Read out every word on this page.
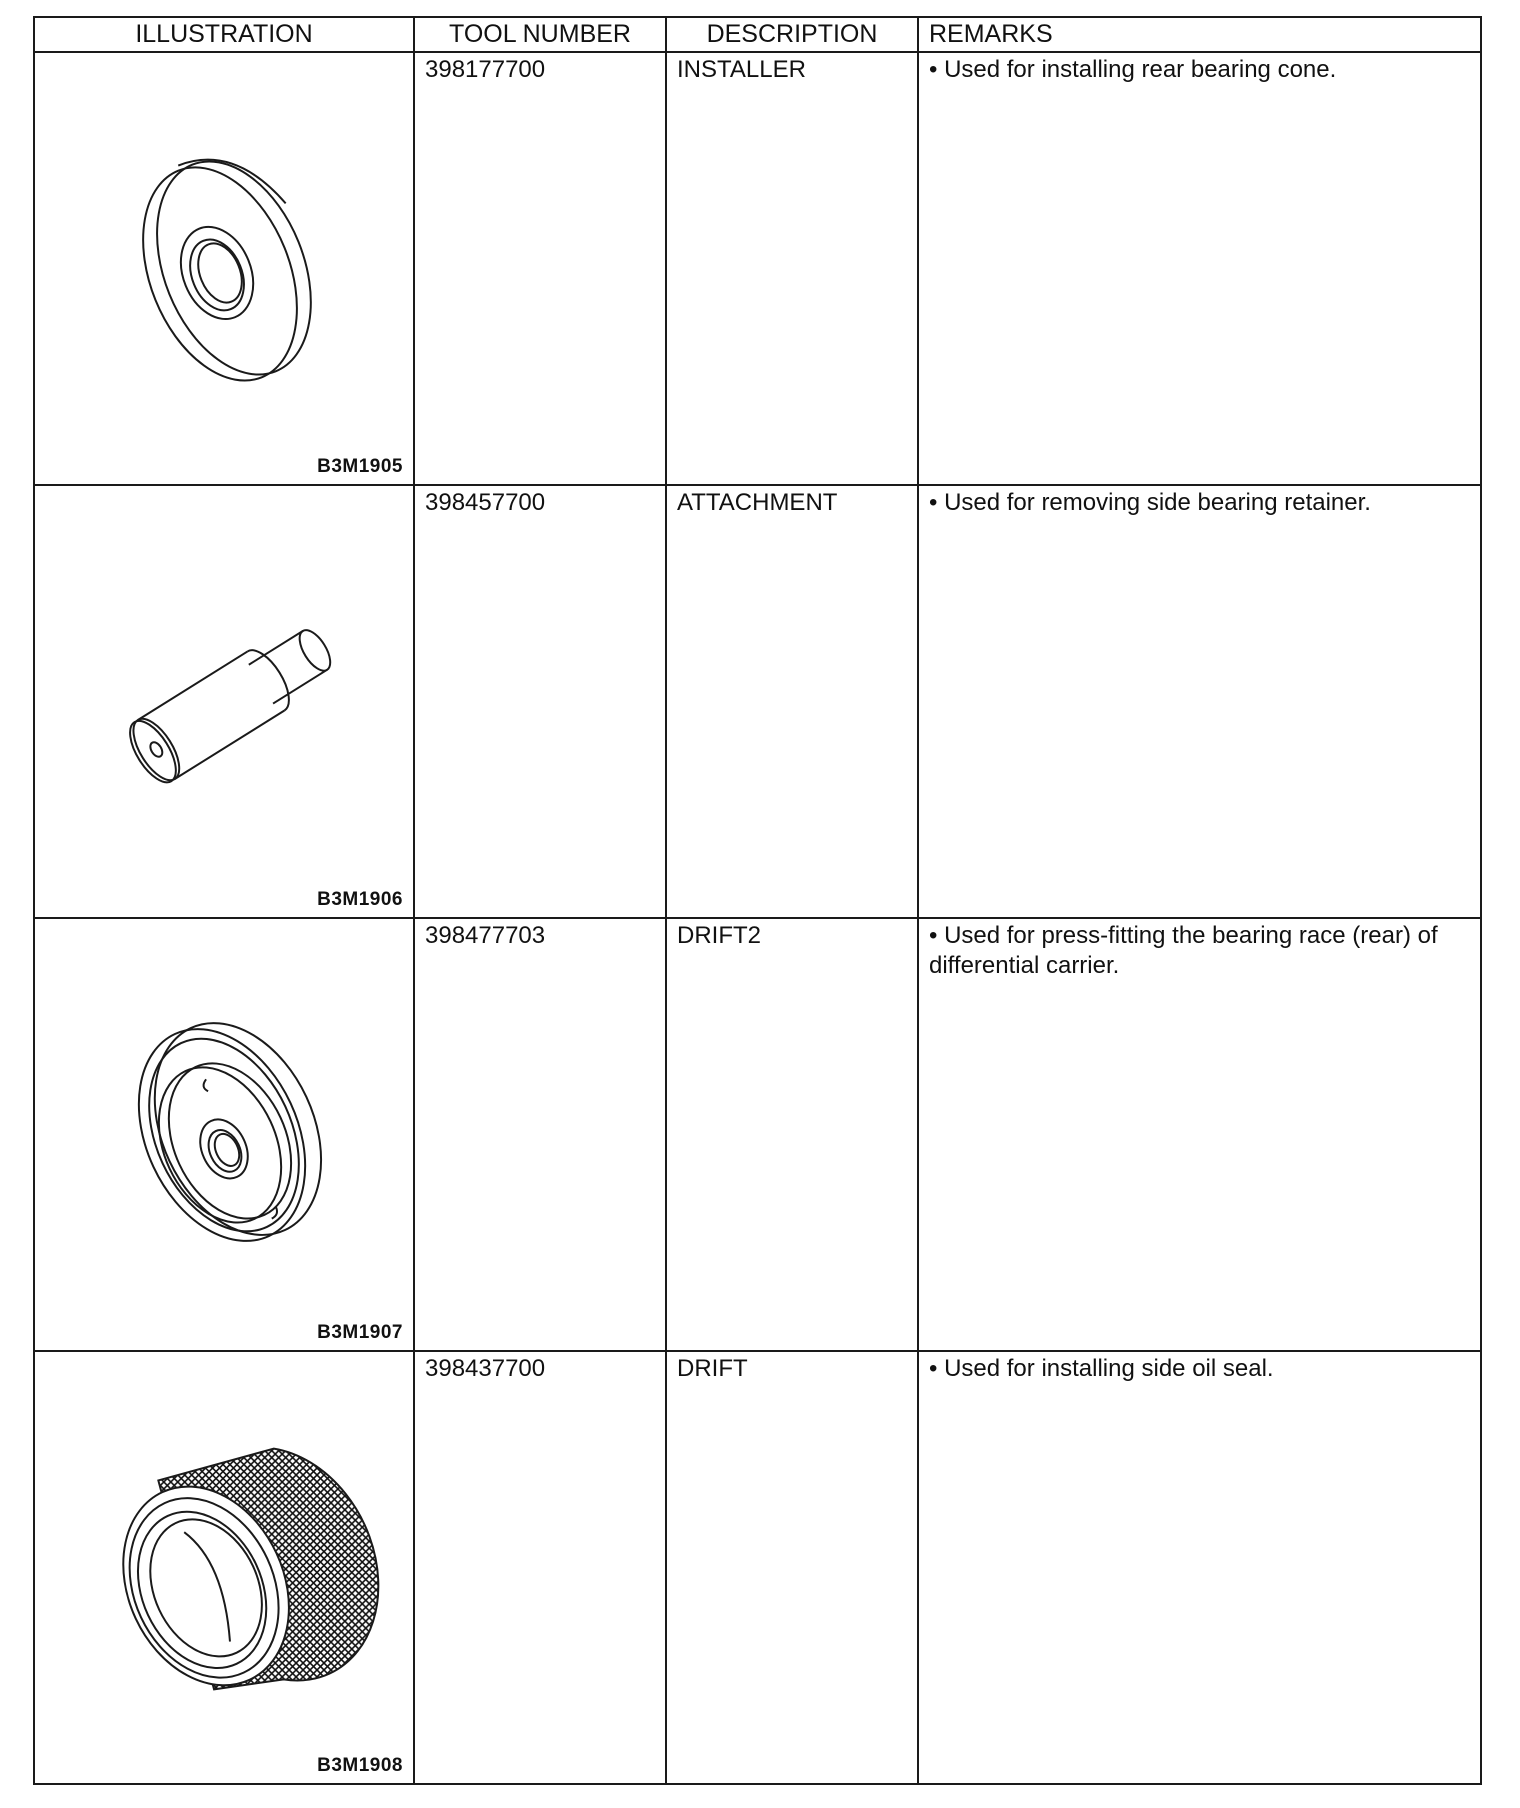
ILLUSTRATION	TOOL NUMBER	DESCRIPTION	REMARKS

B3M1905	398177700	INSTALLER	• Used for installing rear bearing cone.

B3M1906	398457700	ATTACHMENT	• Used for removing side bearing retainer.

B3M1907	398477703	DRIFT2	• Used for press-fitting the bearing race (rear) of differential carrier.

B3M1908	398437700	DRIFT	• Used for installing side oil seal.
